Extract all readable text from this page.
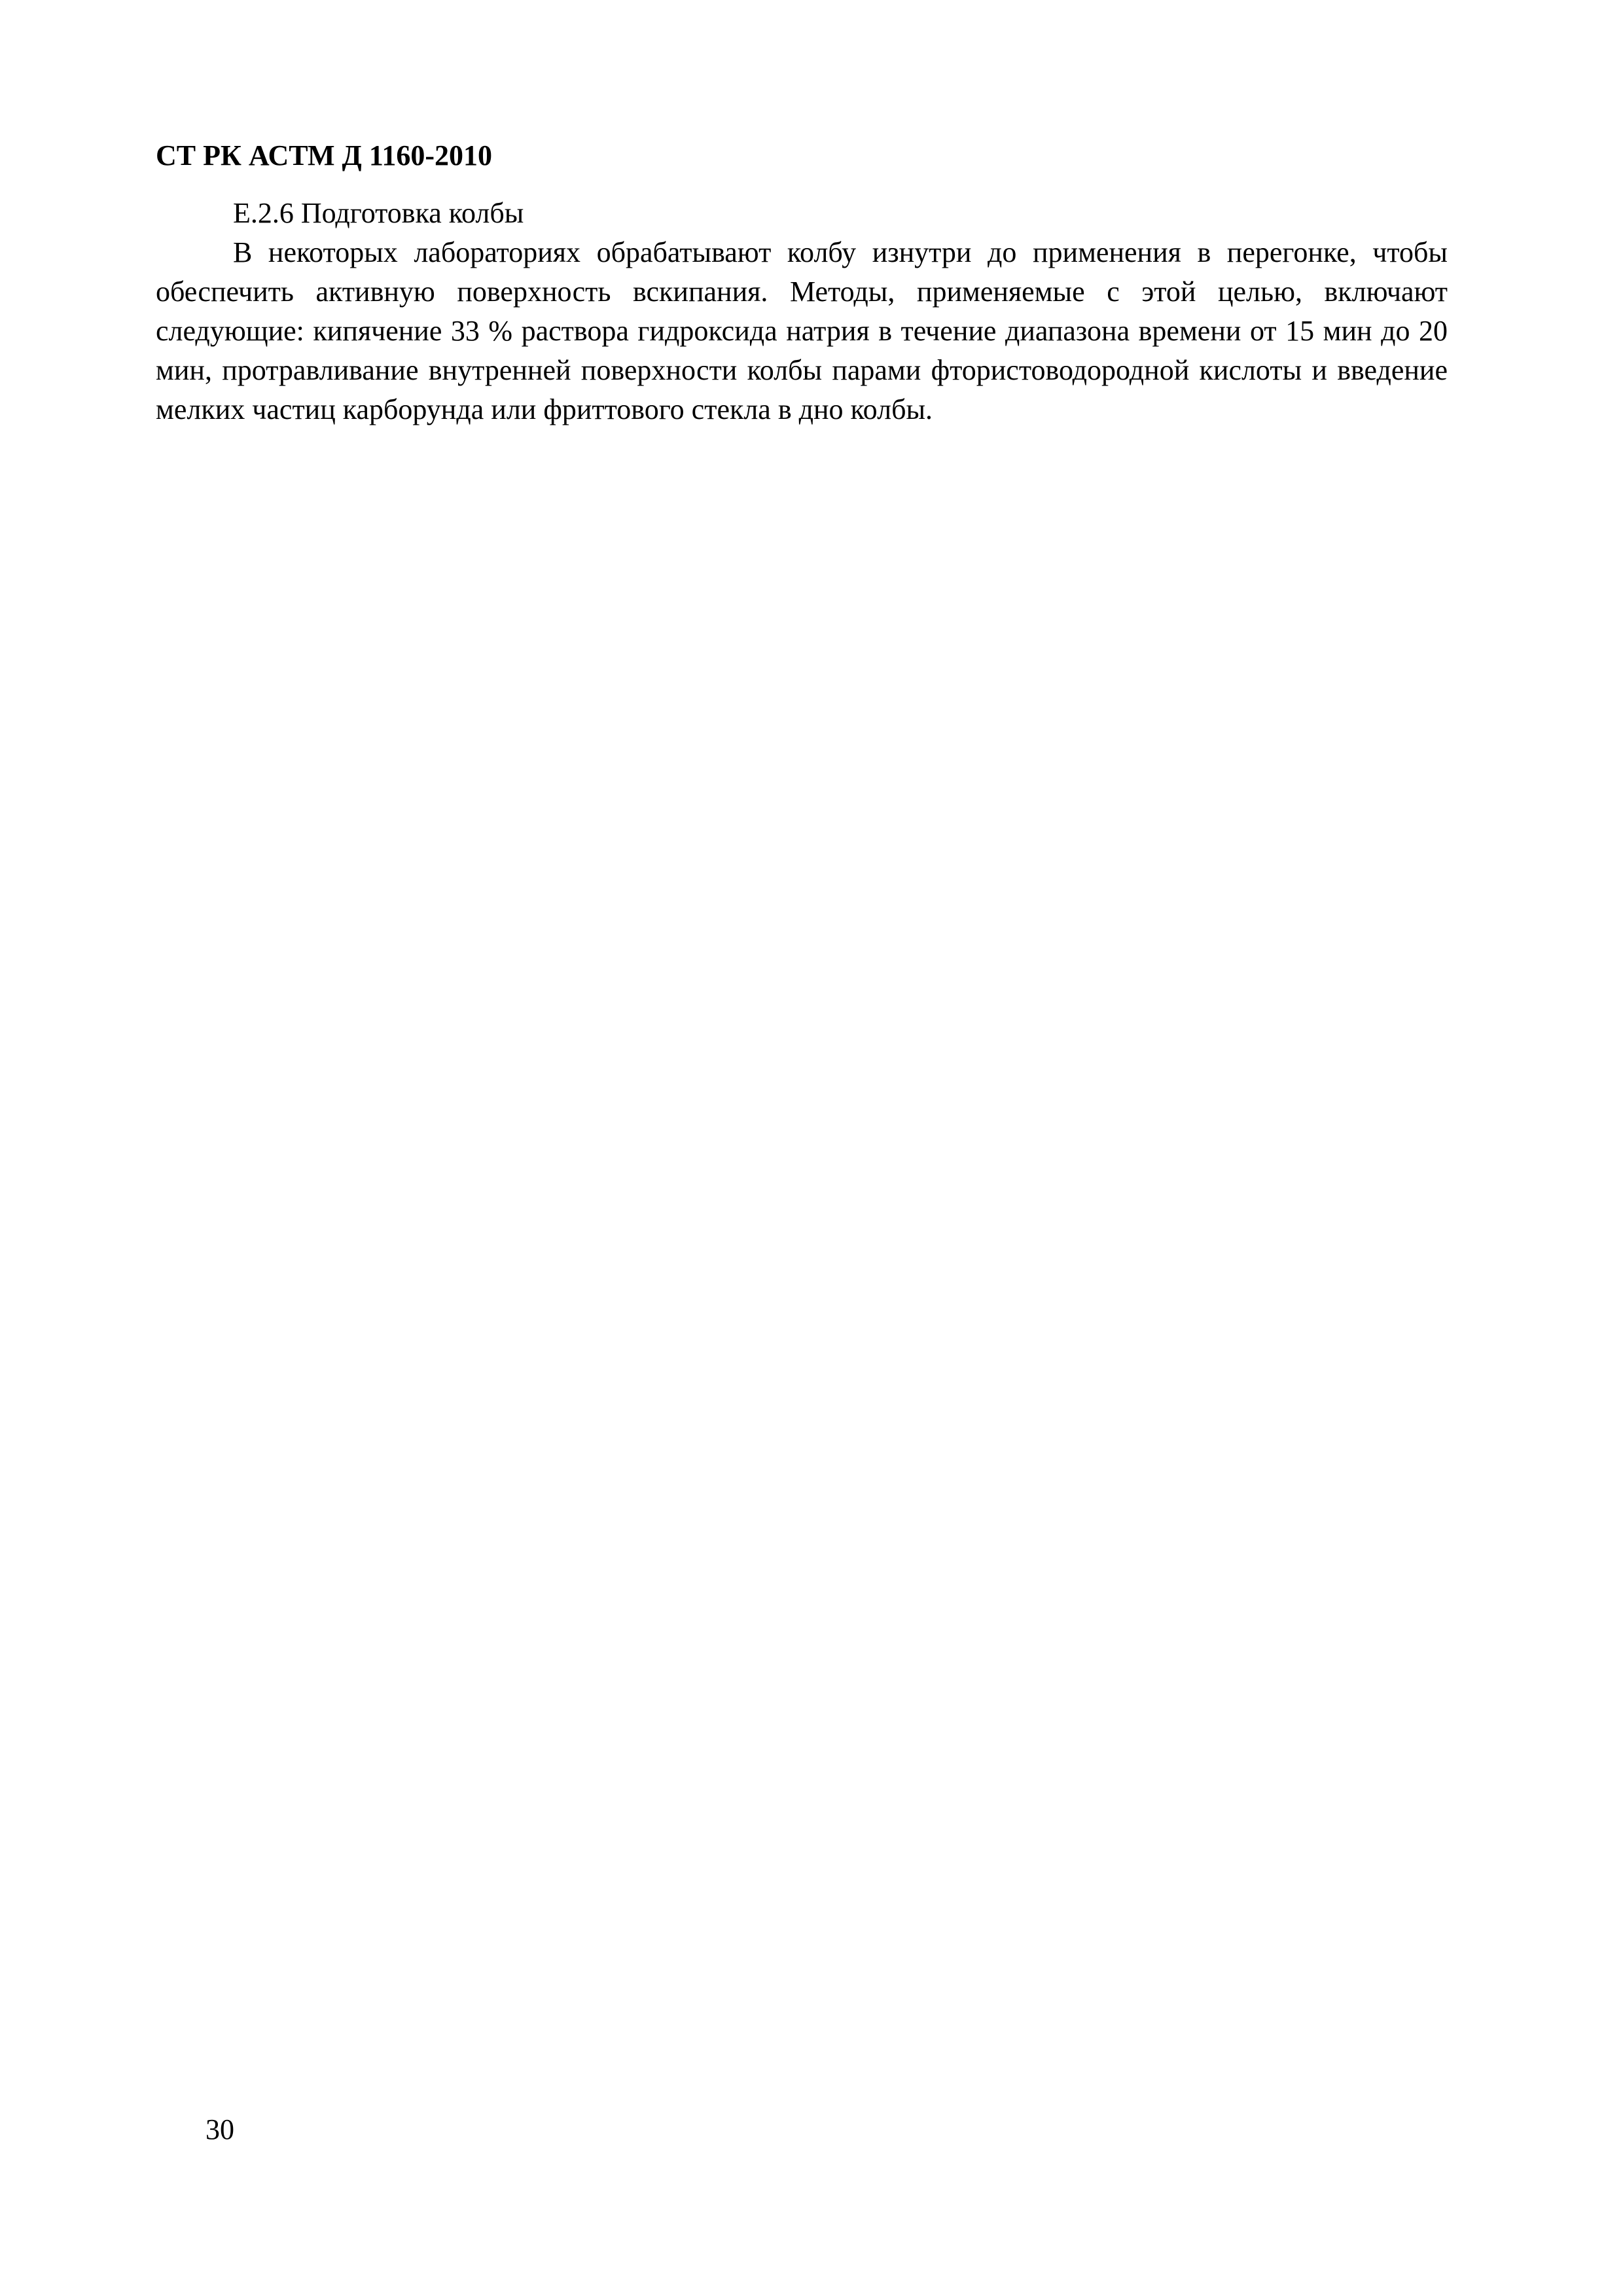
СТ РК АСТМ Д 1160-2010

Е.2.6 Подготовка колбы

В некоторых лабораториях обрабатывают колбу изнутри до применения в перегонке, чтобы обеспечить активную поверхность вскипания. Методы, применяемые с этой целью, включают следующие: кипячение 33 % раствора гидроксида натрия в течение диапазона времени от 15 мин до 20 мин, протравливание внутренней поверхности колбы парами фтористоводородной кислоты и введение мелких частиц карборунда или фриттового стекла в дно колбы.

30
